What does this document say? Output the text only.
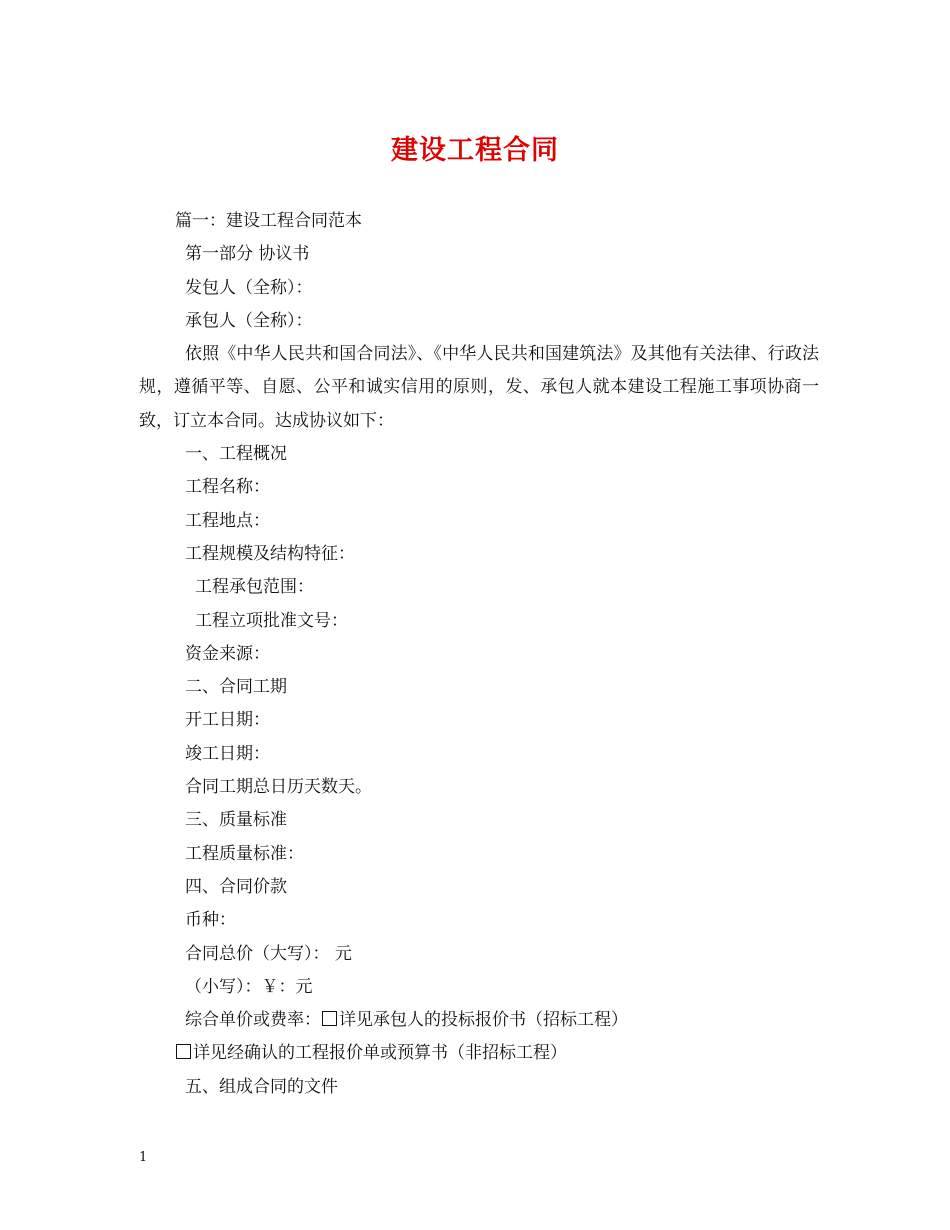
建设工程合同
篇一：建设工程合同范本
第一部分 协议书
发包人（全称）：
承包人（全称）：
依照《中华人民共和国合同法》、《中华人民共和国建筑法》及其他有关法律、行政法规，遵循平等、自愿、公平和诚实信用的原则，发、承包人就本建设工程施工事项协商一致，订立本合同。达成协议如下：
一、工程概况
工程名称：
工程地点：
工程规模及结构特征：
工程承包范围：
工程立项批准文号：
资金来源：
二、合同工期
开工日期：
竣工日期：
合同工期总日历天数天。
三、质量标准
工程质量标准：
四、合同价款
币种：
合同总价（大写）： 元
（小写）：￥：元
综合单价或费率： 详见承包人的投标报价书（招标工程）
详见经确认的工程报价单或预算书（非招标工程）
五、组成合同的文件
1
